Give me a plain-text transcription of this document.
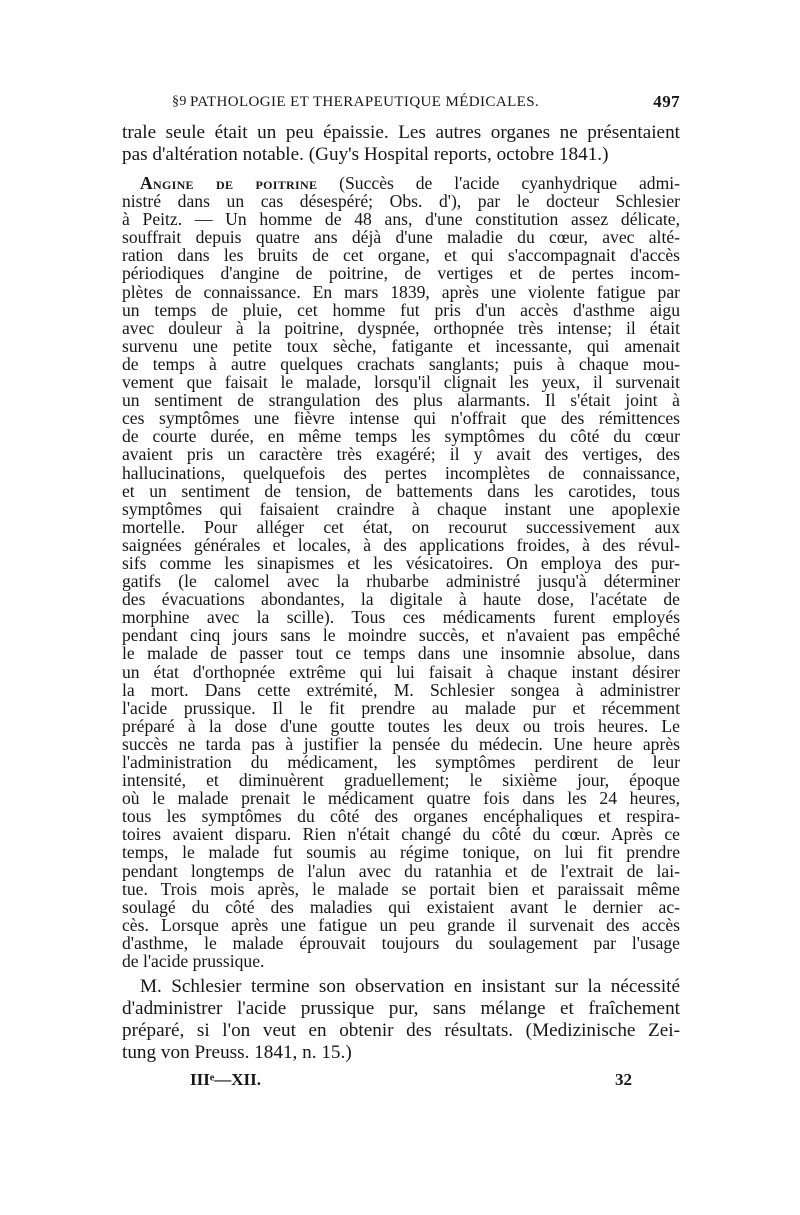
§9 PATHOLOGIE ET THERAPEUTIQUE MÉDICALES.	497

trale seule était un peu épaissie. Les autres organes ne présentaient
pas d'altération notable. (Guy's Hospital reports, octobre 1841.)

Angine de poitrine (Succès de l'acide cyanhydrique admi-
nistré dans un cas désespéré; Obs. d'), par le docteur Schlesier
à Peitz. — Un homme de 48 ans, d'une constitution assez délicate,
souffrait depuis quatre ans déjà d'une maladie du cœur, avec alté-
ration dans les bruits de cet organe, et qui s'accompagnait d'accès
périodiques d'angine de poitrine, de vertiges et de pertes incom-
plètes de connaissance. En mars 1839, après une violente fatigue par
un temps de pluie, cet homme fut pris d'un accès d'asthme aigu
avec douleur à la poitrine, dyspnée, orthopnée très intense; il était
survenu une petite toux sèche, fatigante et incessante, qui amenait
de temps à autre quelques crachats sanglants; puis à chaque mou-
vement que faisait le malade, lorsqu'il clignait les yeux, il survenait
un sentiment de strangulation des plus alarmants. Il s'était joint à
ces symptômes une fièvre intense qui n'offrait que des rémittences
de courte durée, en même temps les symptômes du côté du cœur
avaient pris un caractère très exagéré; il y avait des vertiges, des
hallucinations, quelquefois des pertes incomplètes de connaissance,
et un sentiment de tension, de battements dans les carotides, tous
symptômes qui faisaient craindre à chaque instant une apoplexie
mortelle. Pour alléger cet état, on recourut successivement aux
saignées générales et locales, à des applications froides, à des révul-
sifs comme les sinapismes et les vésicatoires. On employa des pur-
gatifs (le calomel avec la rhubarbe administré jusqu'à déterminer
des évacuations abondantes, la digitale à haute dose, l'acétate de
morphine avec la scille). Tous ces médicaments furent employés
pendant cinq jours sans le moindre succès, et n'avaient pas empêché
le malade de passer tout ce temps dans une insomnie absolue, dans
un état d'orthopnée extrême qui lui faisait à chaque instant désirer
la mort. Dans cette extrémité, M. Schlesier songea à administrer
l'acide prussique. Il le fit prendre au malade pur et récemment
préparé à la dose d'une goutte toutes les deux ou trois heures. Le
succès ne tarda pas à justifier la pensée du médecin. Une heure après
l'administration du médicament, les symptômes perdirent de leur
intensité, et diminuèrent graduellement; le sixième jour, époque
où le malade prenait le médicament quatre fois dans les 24 heures,
tous les symptômes du côté des organes encéphaliques et respira-
toires avaient disparu. Rien n'était changé du côté du cœur. Après ce
temps, le malade fut soumis au régime tonique, on lui fit prendre
pendant longtemps de l'alun avec du ratanhia et de l'extrait de lai-
tue. Trois mois après, le malade se portait bien et paraissait même
soulagé du côté des maladies qui existaient avant le dernier ac-
cès. Lorsque après une fatigue un peu grande il survenait des accès
d'asthme, le malade éprouvait toujours du soulagement par l'usage
de l'acide prussique.

M. Schlesier termine son observation en insistant sur la nécessité
d'administrer l'acide prussique pur, sans mélange et fraîchement
préparé, si l'on veut en obtenir des résultats. (Medizinische Zei-
tung von Preuss. 1841, n. 15.)

IIIᵉ—XII.	32
